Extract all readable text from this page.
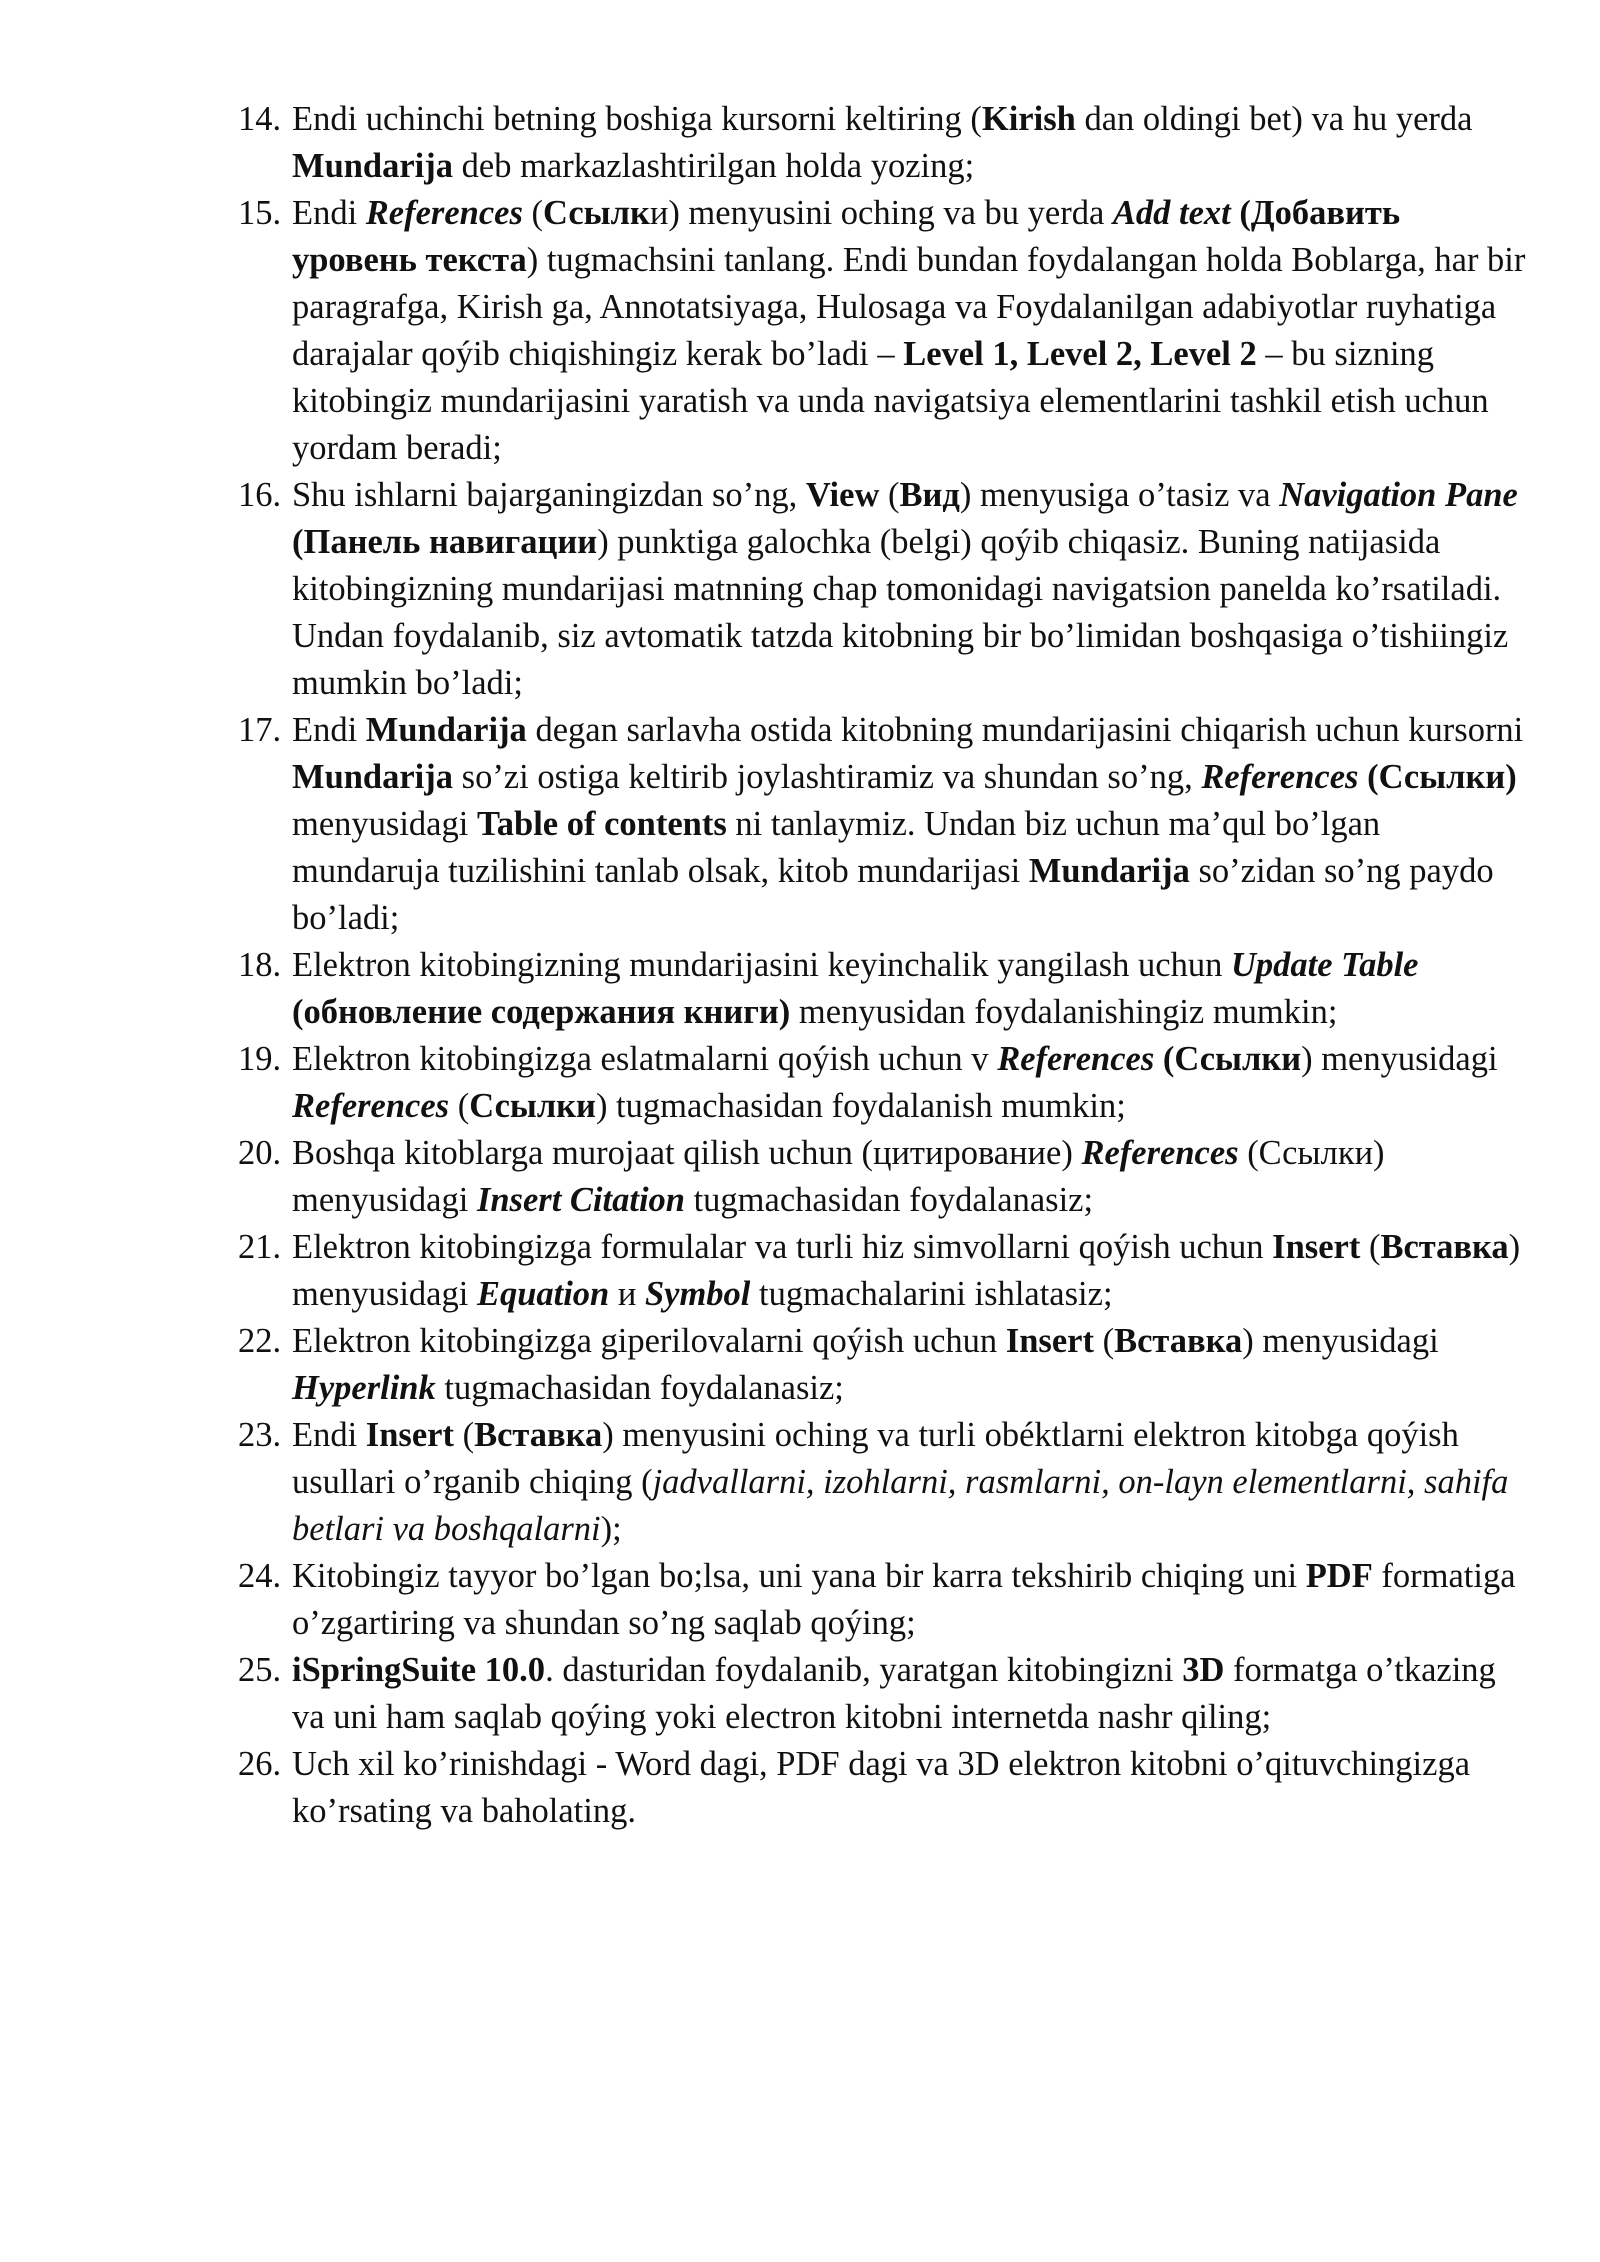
14. Endi uchinchi betning boshiga kursorni keltiring (Kirish dan oldingi bet) va hu yerda Mundarija deb markazlashtirilgan holda yozing;
15. Endi References (Ссылки) menyusini oching va bu yerda Add text (Добавить уровень текста) tugmachsini tanlang. Endi bundan foydalangan holda Boblarga, har bir paragrafga, Kirish ga, Annotatsiyaga, Hulosaga va Foydalanilgan adabiyotlar ruyhatiga darajalar qoýib chiqishingiz kerak bo’ladi – Level 1, Level 2, Level 2 – bu sizning kitobingiz mundarijasini yaratish va unda navigatsiya elementlarini tashkil etish uchun yordam beradi;
16. Shu ishlarni bajarganingizdan so’ng, View (Вид) menyusiga o’tasiz va Navigation Pane (Панель навигации) punktiga galochka (belgi) qoýib chiqasiz. Buning natijasida kitobingizning mundarijasi matnning chap tomonidagi navigatsion panelda ko’rsatiladi. Undan foydalanib, siz avtomatik tatzda kitobning bir bo’limidan boshqasiga o’tishiingiz mumkin bo’ladi;
17. Endi Mundarija degan sarlavha ostida kitobning mundarijasini chiqarish uchun kursorni Mundarija so’zi ostiga keltirib joylashtiramiz va shundan so’ng, References (Ссылки) menyusidagi Table of contents ni tanlaymiz. Undan biz uchun ma’qul bo’lgan mundaruja tuzilishini tanlab olsak, kitob mundarijasi Mundarija so’zidan so’ng paydo bo’ladi;
18. Elektron kitobingizning mundarijasini keyinchalik yangilash uchun Update Table (обновление содержания книги) menyusidan foydalanishingiz mumkin;
19. Elektron kitobingizga eslatmalarni qoýish uchun v References (Ссылки) menyusidagi References (Ссылки) tugmachasidan foydalanish mumkin;
20. Boshqa kitoblarga murojaat qilish uchun (цитирование) References (Ссылки) menyusidagi Insert Citation tugmachasidan foydalanasiz;
21. Elektron kitobingizga formulalar va turli hiz simvollarni qoýish uchun Insert (Вставка) menyusidagi Equation и Symbol tugmachalarini ishlatasiz;
22. Elektron kitobingizga giperilovalarni qoýish uchun Insert (Вставка) menyusidagi Hyperlink tugmachasidan foydalanasiz;
23. Endi Insert (Вставка) menyusini oching va turli obéktlarni elektron kitobga qoýish usullari o’rganib chiqing (jadvallarni, izohlarni, rasmlarni, on-layn elementlarni, sahifa betlari va boshqalarni);
24. Kitobingiz tayyor bo’lgan bo;lsa, uni yana bir karra tekshirib chiqing uni PDF formatiga o’zgartiring va shundan so’ng saqlab qoýing;
25. iSpringSuite 10.0. dasturidan foydalanib, yaratgan kitobingizni 3D formatga o’tkazing va uni ham saqlab qoýing yoki electron kitobni internetda nashr qiling;
26. Uch xil ko’rinishdagi - Word dagi, PDF dagi va 3D elektron kitobni o’qituvchingizga ko’rsating va baholating.
